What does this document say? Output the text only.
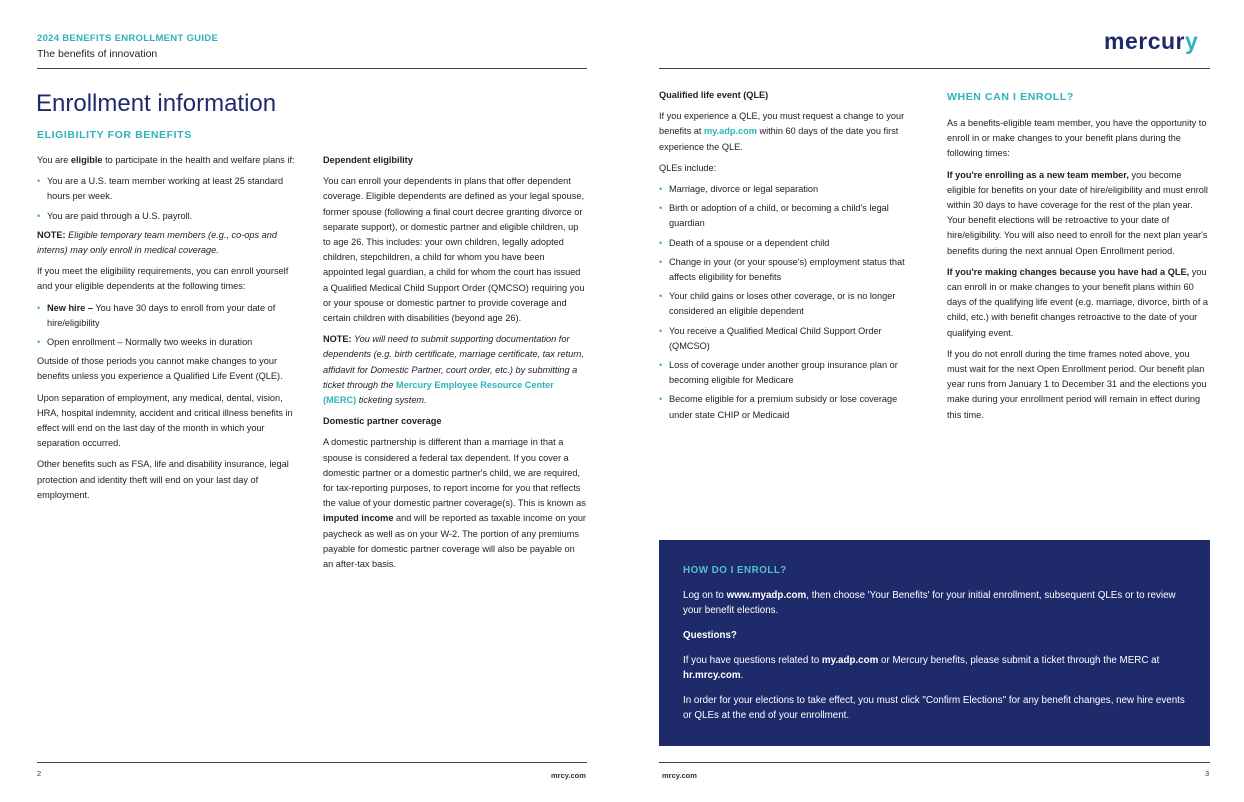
2024 BENEFITS ENROLLMENT GUIDE
The benefits of innovation	mercury
Enrollment information
ELIGIBILITY FOR BENEFITS

You are eligible to participate in the health and welfare plans if:

• You are a U.S. team member working at least 25 standard hours per week.
• You are paid through a U.S. payroll.

NOTE: Eligible temporary team members (e.g., co-ops and interns) may only enroll in medical coverage.

If you meet the eligibility requirements, you can enroll yourself and your eligible dependents at the following times:

• New hire – You have 30 days to enroll from your date of hire/eligibility
• Open enrollment – Normally two weeks in duration

Outside of those periods you cannot make changes to your benefits unless you experience a Qualified Life Event (QLE).

Upon separation of employment, any medical, dental, vision, HRA, hospital indemnity, accident and critical illness benefits in effect will end on the last day of the month in which your separation occurred.

Other benefits such as FSA, life and disability insurance, legal protection and identity theft will end on your last day of employment.

Dependent eligibility

You can enroll your dependents in plans that offer dependent coverage. Eligible dependents are defined as your legal spouse, former spouse (following a final court decree granting divorce or separate support), or domestic partner and eligible children, up to age 26. This includes: your own children, legally adopted children, stepchildren, a child for whom you have been appointed legal guardian, a child for whom the court has issued a Qualified Medical Child Support Order (QMCSO) requiring you or your spouse or domestic partner to provide coverage and certain children with disabilities (beyond age 26).

NOTE: You will need to submit supporting documentation for dependents (e.g. birth certificate, marriage certificate, tax return, affidavit for Domestic Partner, court order, etc.) by submitting a ticket through the Mercury Employee Resource Center (MERC) ticketing system.

Domestic partner coverage

A domestic partnership is different than a marriage in that a spouse is considered a federal tax dependent. If you cover a domestic partner or a domestic partner's child, we are required, for tax-reporting purposes, to report income for you that reflects the value of your domestic partner coverage(s). This is known as imputed income and will be reported as taxable income on your paycheck as well as on your W-2. The portion of any premiums payable for domestic partner coverage will also be payable on an after-tax basis.

Qualified life event (QLE)

If you experience a QLE, you must request a change to your benefits at my.adp.com within 60 days of the date you first experience the QLE.

QLEs include:

• Marriage, divorce or legal separation
• Birth or adoption of a child, or becoming a child's legal guardian
• Death of a spouse or a dependent child
• Change in your (or your spouse's) employment status that affects eligibility for benefits
• Your child gains or loses other coverage, or is no longer considered an eligible dependent
• You receive a Qualified Medical Child Support Order (QMCSO)
• Loss of coverage under another group insurance plan or becoming eligible for Medicare
• Become eligible for a premium subsidy or lose coverage under state CHIP or Medicaid
WHEN CAN I ENROLL?

As a benefits-eligible team member, you have the opportunity to enroll in or make changes to your benefit plans during the following times:

If you're enrolling as a new team member, you become eligible for benefits on your date of hire/eligibility and must enroll within 30 days to have coverage for the rest of the plan year. Your benefit elections will be retroactive to your date of hire/eligibility. You will also need to enroll for the next plan year's benefits during the next annual Open Enrollment period.

If you're making changes because you have had a QLE, you can enroll in or make changes to your benefit plans within 60 days of the qualifying life event (e.g. marriage, divorce, birth of a child, etc.) with benefit changes retroactive to the date of your qualifying event.

If you do not enroll during the time frames noted above, you must wait for the next Open Enrollment period. Our benefit plan year runs from January 1 to December 31 and the elections you make during your enrollment period will remain in effect during this time.

HOW DO I ENROLL?

Log on to www.myadp.com, then choose 'Your Benefits' for your initial enrollment, subsequent QLEs or to review your benefit elections.

Questions?

If you have questions related to my.adp.com or Mercury benefits, please submit a ticket through the MERC at hr.mrcy.com.

In order for your elections to take effect, you must click "Confirm Elections" for any benefit changes, new hire events or QLEs at the end of your enrollment.

2	mrcy.com	mrcy.com	3
